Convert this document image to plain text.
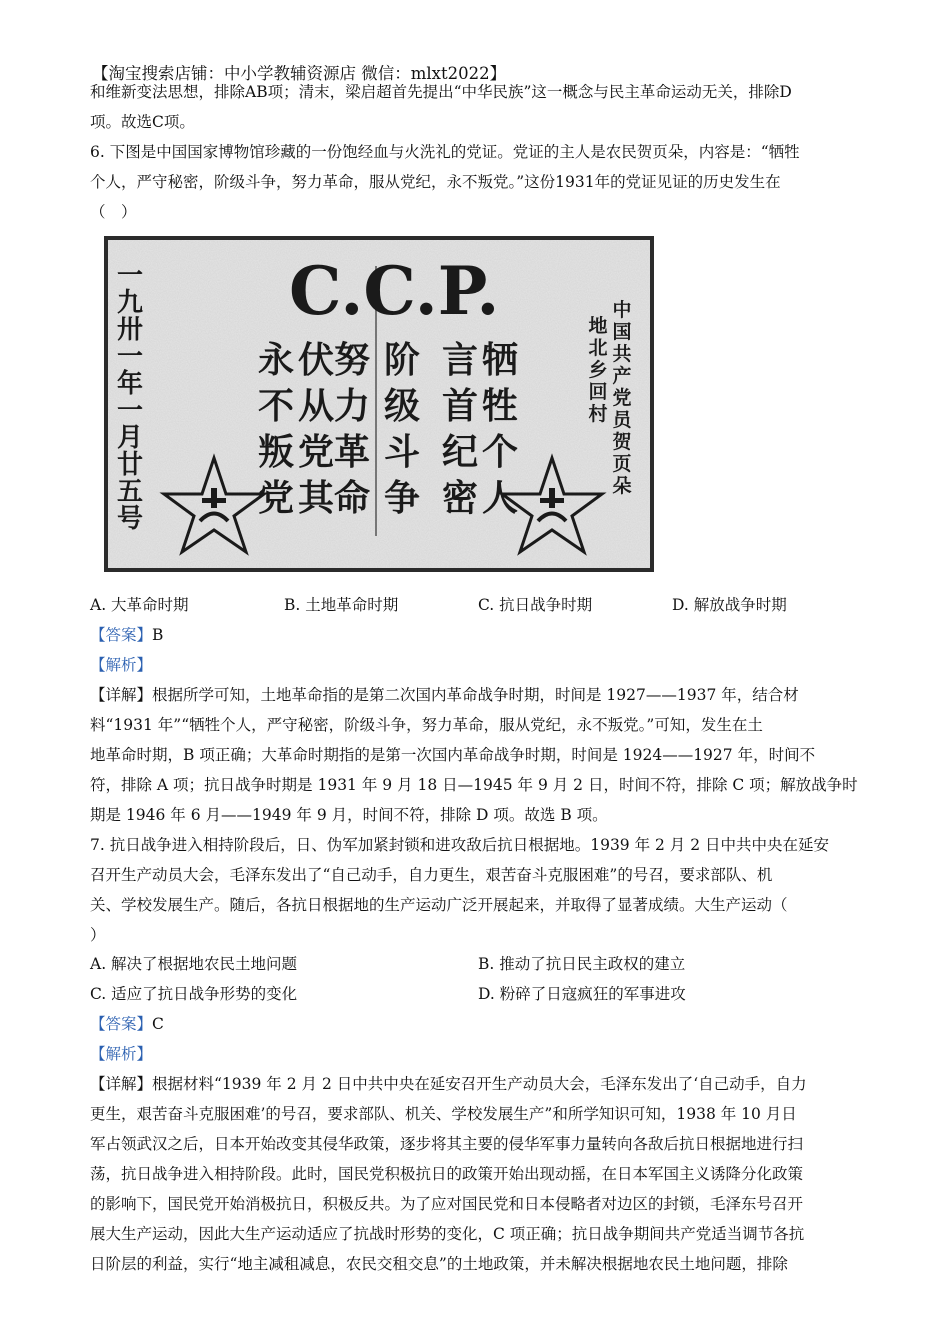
【淘宝搜索店铺：中小学教辅资源店 微信：mlxt2022】
和维新变法思想，排除AB项；清末，梁启超首先提出“中华民族”这一概念与民主革命运动无关，排除D
项。故选C项。
6. 下图是中国国家博物馆珍藏的一份饱经血与火洗礼的党证。党证的主人是农民贺页朵，内容是：“牺牲
个人，严守秘密，阶级斗争，努力革命，服从党纪，永不叛党。”这份1931年的党证见证的历史发生在
（　）
C.C.P.
一
九
卅
一
年
一
月
廿
五
号
牺
牲
个
人
言
首
纪
密
阶
级
斗
争
努
力
革
命
伏
从
党
其
永
不
叛
党
中
国
共
产
党
员
贺
页
朵
地
北
乡
回
村
A. 大革命时期	B. 土地革命时期	C. 抗日战争时期	D. 解放战争时期
【答案】B
【解析】
【详解】根据所学可知，土地革命指的是第二次国内革命战争时期，时间是 1927——1937 年，结合材
料“1931 年”“牺牲个人，严守秘密，阶级斗争，努力革命，服从党纪，永不叛党。”可知，发生在土
地革命时期，B 项正确；大革命时期指的是第一次国内革命战争时期，时间是 1924——1927 年，时间不
符，排除 A 项；抗日战争时期是 1931 年 9 月 18 日—1945 年 9 月 2 日，时间不符，排除 C 项；解放战争时
期是 1946 年 6 月——1949 年 9 月，时间不符，排除 D 项。故选 B 项。
7. 抗日战争进入相持阶段后，日、伪军加紧封锁和进攻敌后抗日根据地。1939 年 2 月 2 日中共中央在延安
召开生产动员大会，毛泽东发出了“自己动手，自力更生，艰苦奋斗克服困难”的号召，要求部队、机
关、学校发展生产。随后，各抗日根据地的生产运动广泛开展起来，并取得了显著成绩。大生产运动（
）
A. 解决了根据地农民土地问题	B. 推动了抗日民主政权的建立
C. 适应了抗日战争形势的变化	D. 粉碎了日寇疯狂的军事进攻
【答案】C
【解析】
【详解】根据材料“1939 年 2 月 2 日中共中央在延安召开生产动员大会，毛泽东发出了‘自己动手，自力
更生，艰苦奋斗克服困难’的号召，要求部队、机关、学校发展生产”和所学知识可知，1938 年 10 月日
军占领武汉之后，日本开始改变其侵华政策，逐步将其主要的侵华军事力量转向各敌后抗日根据地进行扫
荡，抗日战争进入相持阶段。此时，国民党积极抗日的政策开始出现动摇，在日本军国主义诱降分化政策
的影响下，国民党开始消极抗日，积极反共。为了应对国民党和日本侵略者对边区的封锁，毛泽东号召开
展大生产运动，因此大生产运动适应了抗战时形势的变化，C 项正确；抗日战争期间共产党适当调节各抗
日阶层的利益，实行“地主减租减息，农民交租交息”的土地政策，并未解决根据地农民土地问题，排除
